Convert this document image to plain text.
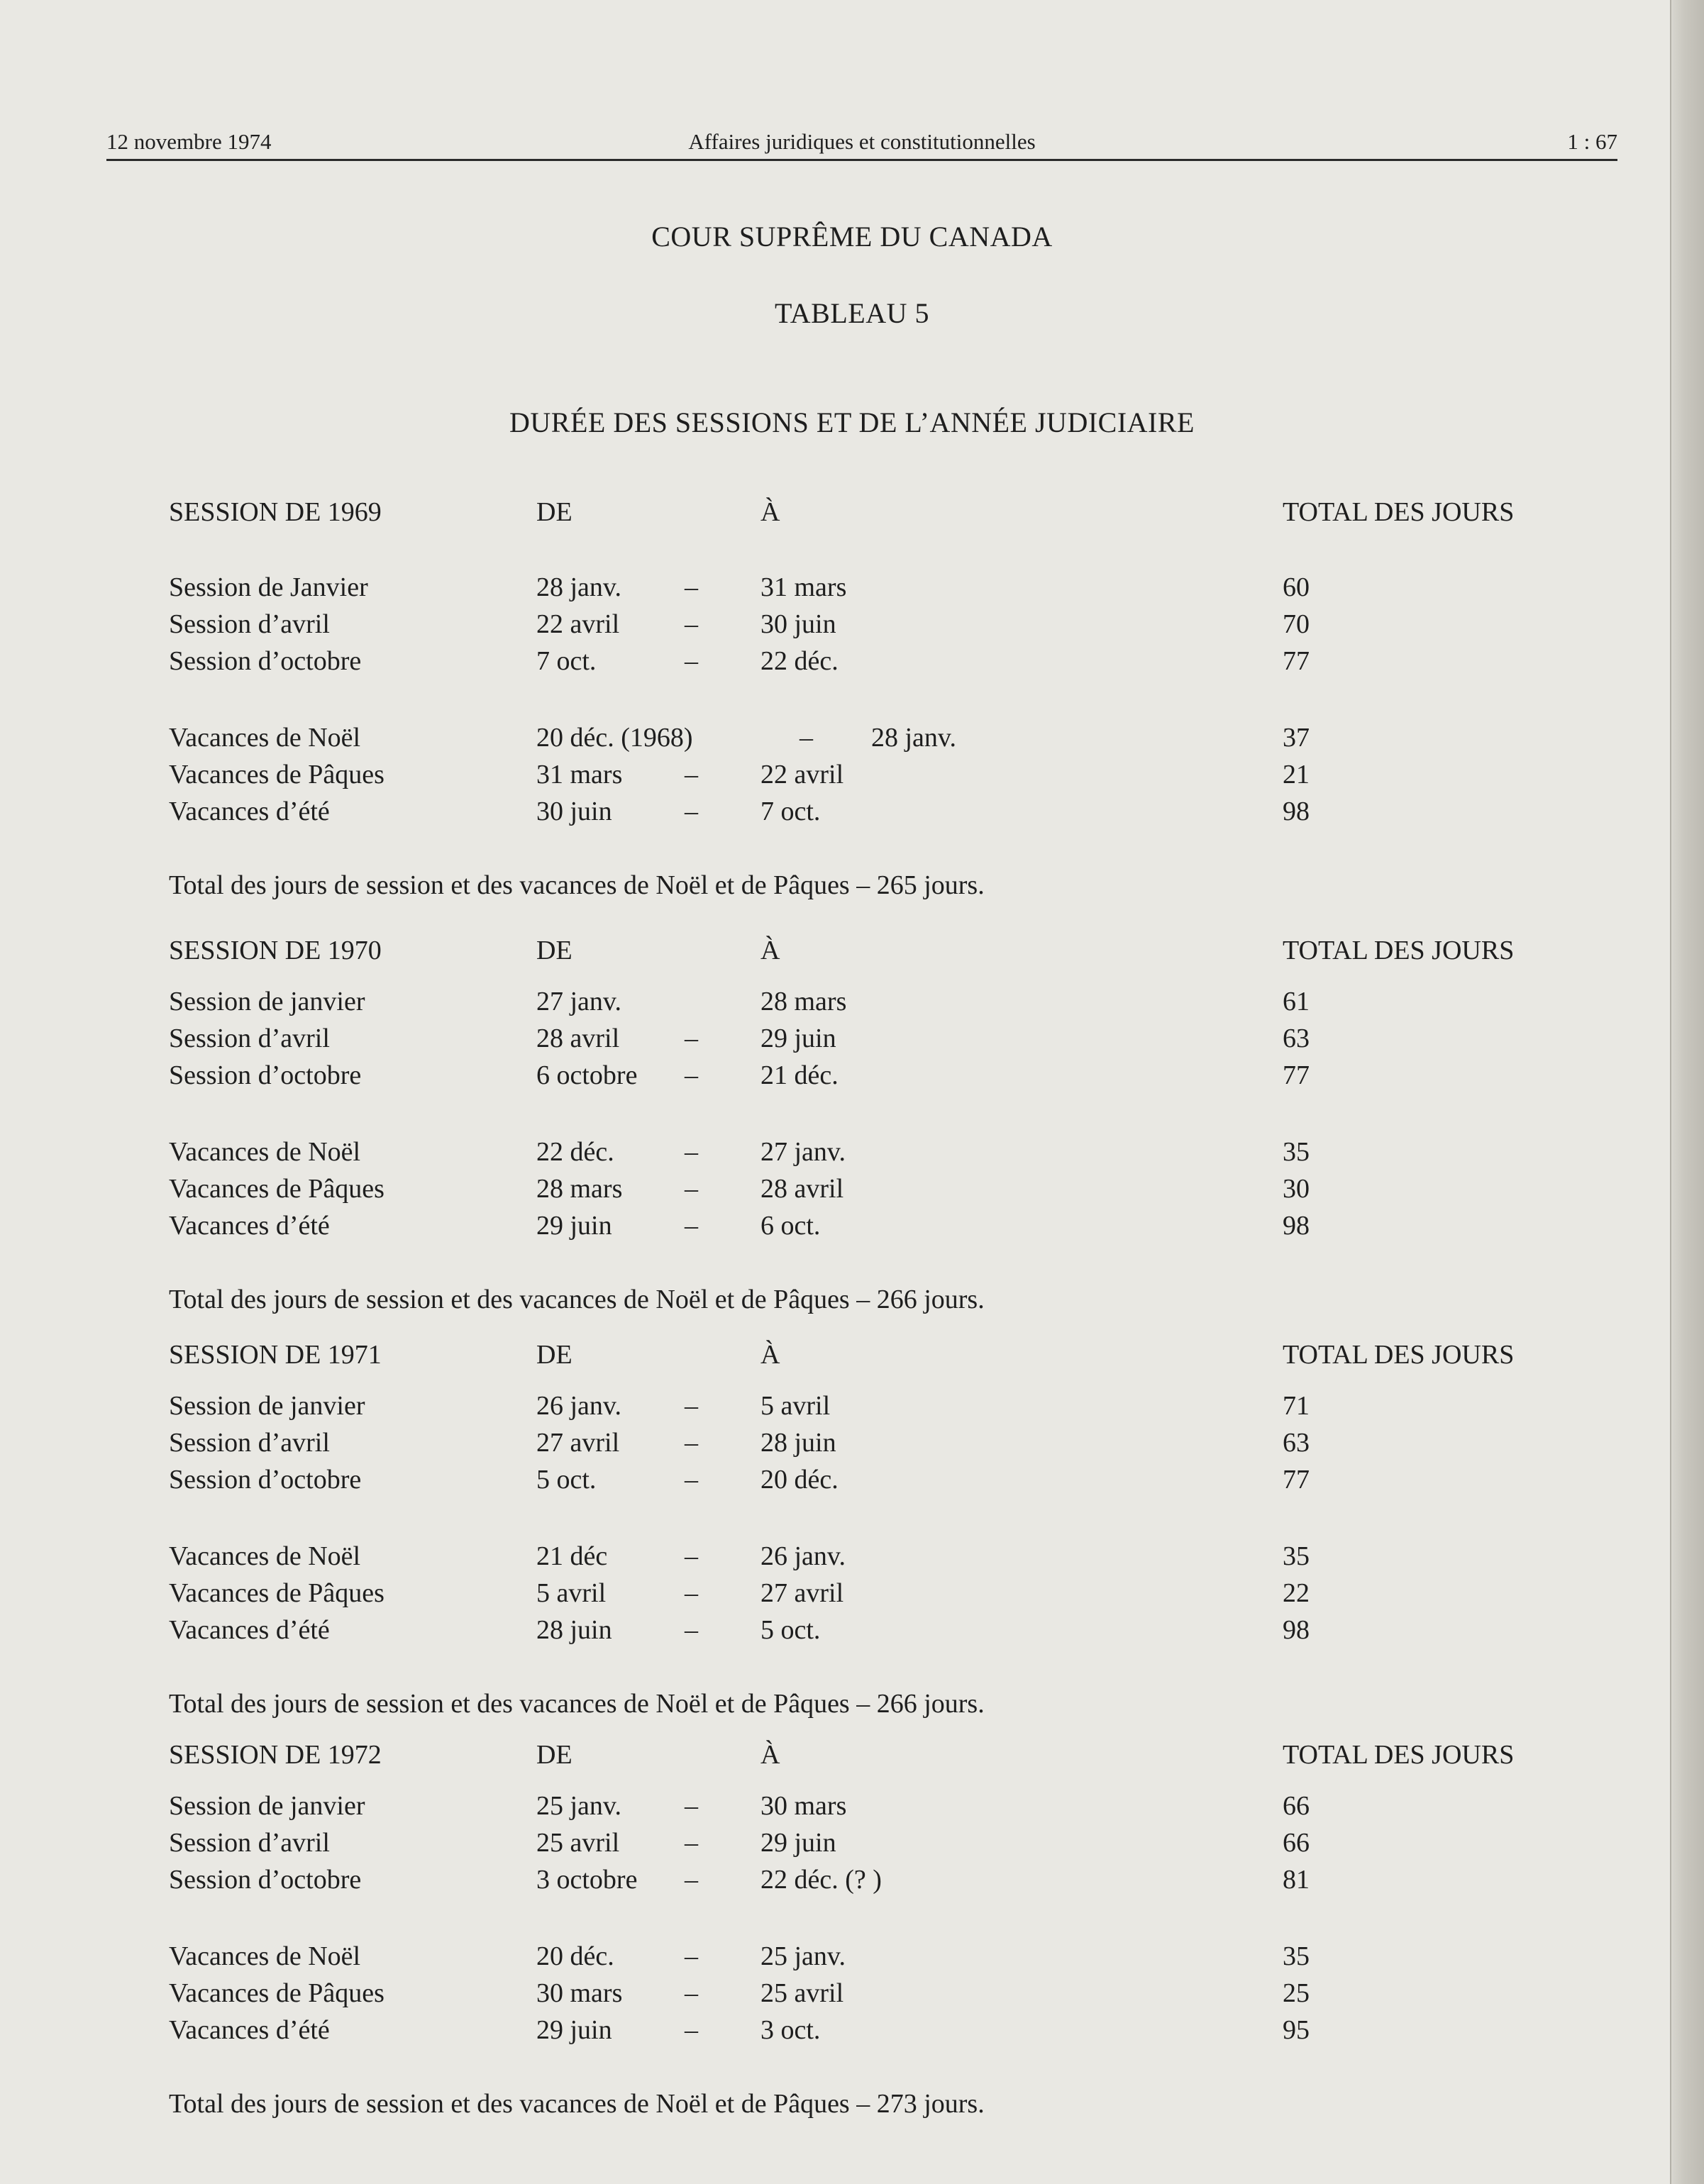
12 novembre 1974	Affaires juridiques et constitutionnelles	1 : 67
COUR SUPRÊME DU CANADA
TABLEAU 5
DURÉE DES SESSIONS ET DE L’ANNÉE JUDICIAIRE
SESSION DE 1969	DE	À	TOTAL DES JOURS
Session de Janvier	28 janv. – 31 mars	60
Session d’avril	22 avril – 30 juin	70
Session d’octobre	7 oct.	– 22 déc.	77
Vacances de Noël	20 déc. (1968)	– 28 janv.	37
Vacances de Pâques	31 mars – 22 avril	21
Vacances d’été	30 juin	– 7 oct.	98
Total des jours de session et des vacances de Noël et de Pâques – 265 jours.
SESSION DE 1970	DE	À	TOTAL DES JOURS
Session de janvier	27 janv.	28 mars	61
Session d’avril	28 avril – 29 juin	63
Session d’octobre	6 octobre – 21 déc.	77
Vacances de Noël	22 déc.	– 27 janv.	35
Vacances de Pâques	28 mars – 28 avril	30
Vacances d’été	29 juin	– 6 oct.	98
Total des jours de session et des vacances de Noël et de Pâques – 266 jours.
SESSION DE 1971	DE	À	TOTAL DES JOURS
Session de janvier	26 janv. – 5 avril	71
Session d’avril	27 avril – 28 juin	63
Session d’octobre	5 oct.	– 20 déc.	77
Vacances de Noël	21 déc	– 26 janv.	35
Vacances de Pâques	5 avril	– 27 avril	22
Vacances d’été	28 juin	– 5 oct.	98
Total des jours de session et des vacances de Noël et de Pâques – 266 jours.
SESSION DE 1972	DE	À	TOTAL DES JOURS
Session de janvier	25 janv. – 30 mars	66
Session d’avril	25 avril – 29 juin	66
Session d’octobre	3 octobre – 22 déc. (? )	81
Vacances de Noël	20 déc.	– 25 janv.	35
Vacances de Pâques	30 mars – 25 avril	25
Vacances d’été	29 juin	– 3 oct.	95
Total des jours de session et des vacances de Noël et de Pâques – 273 jours.
